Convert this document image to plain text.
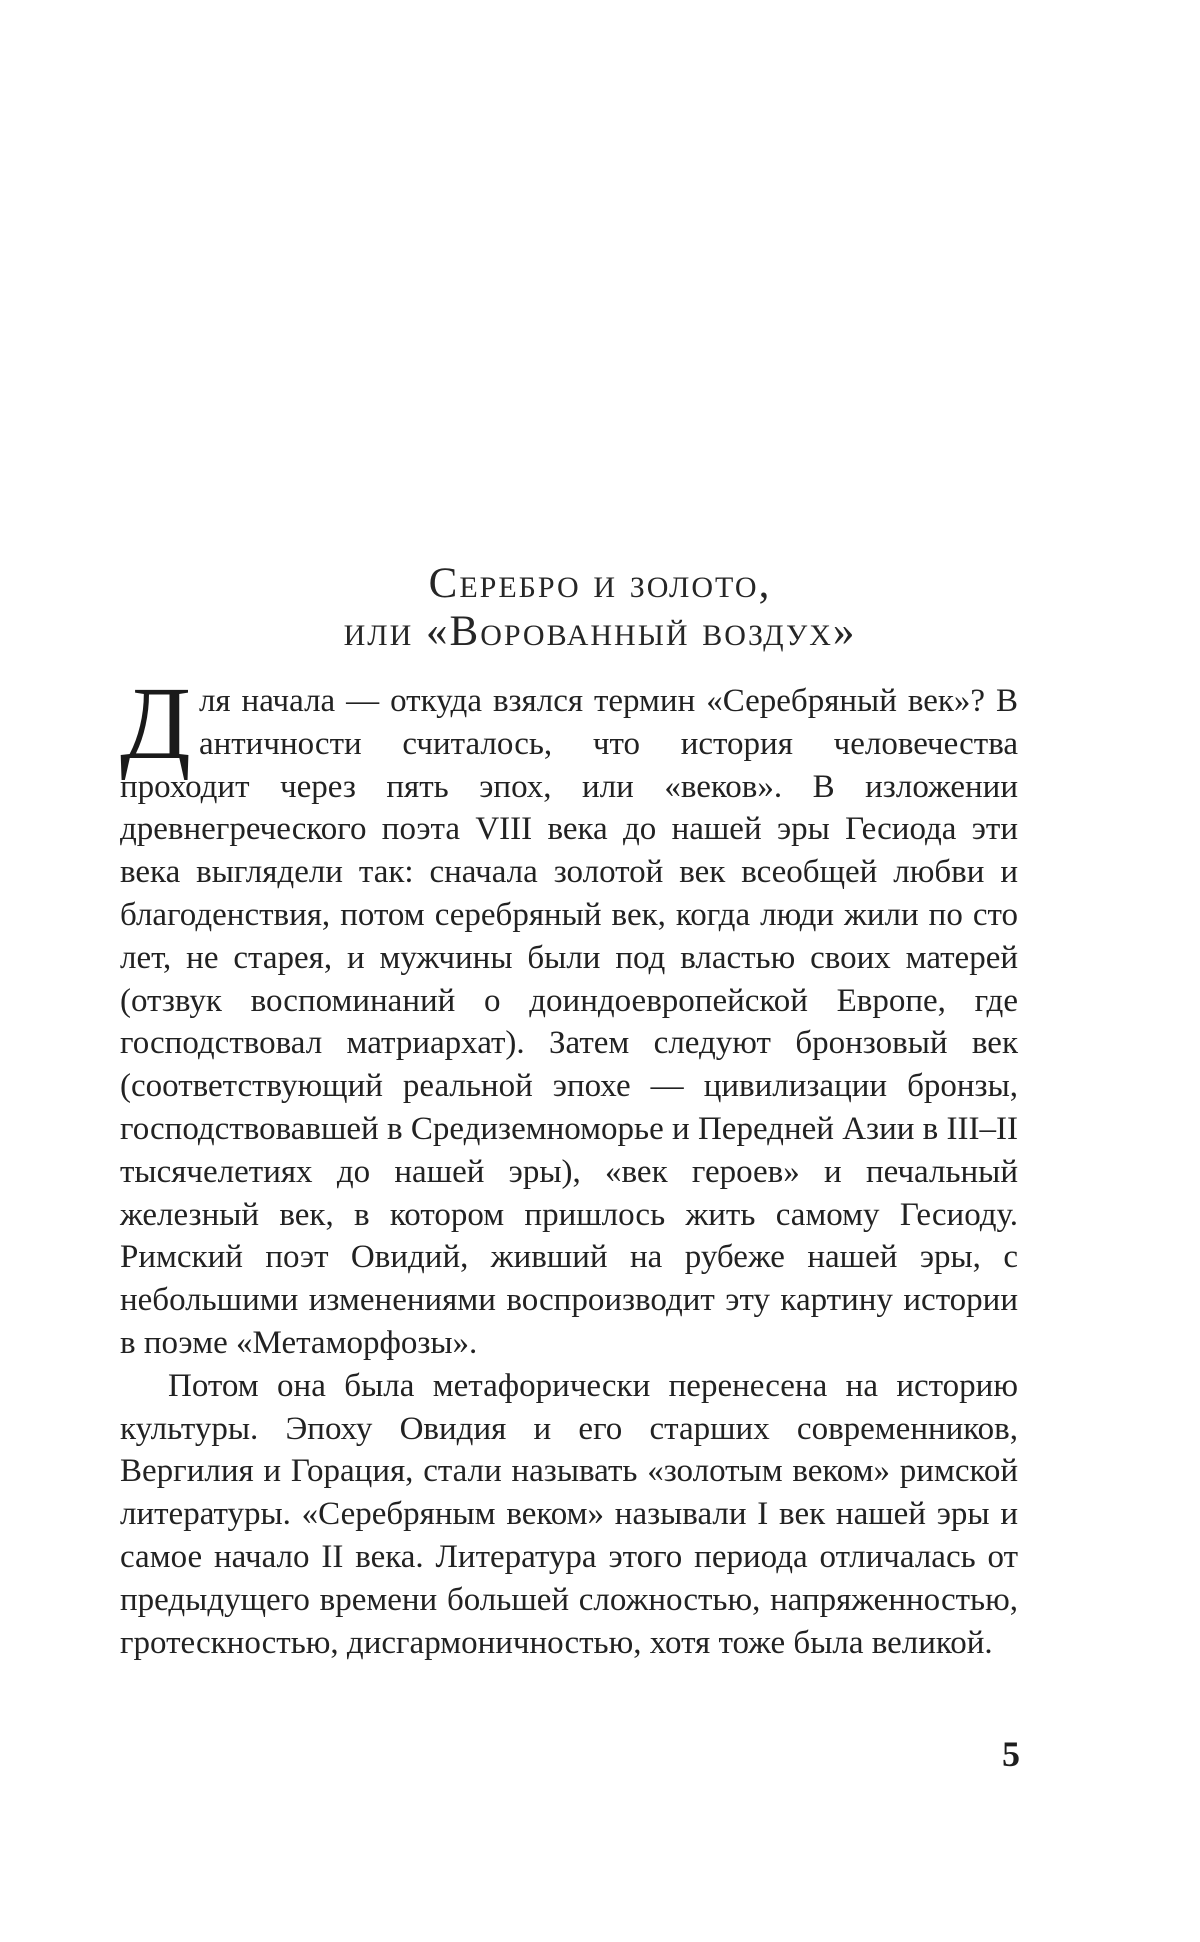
Серебро и золото,
или «Ворованный воздух»

Для начала — откуда взялся термин «Серебряный век»? В античности считалось, что история человечества проходит через пять эпох, или «веков». В изложении древнегреческого поэта VIII века до нашей эры Гесиода эти века выглядели так: сначала золотой век всеобщей любви и благоденствия, потом серебряный век, когда люди жили по сто лет, не старея, и мужчины были под властью своих матерей (отзвук воспоминаний о доиндоевропейской Европе, где господствовал матриархат). Затем следуют бронзовый век (соответствующий реальной эпохе — цивилизации бронзы, господствовавшей в Средиземноморье и Передней Азии в III–II тысячелетиях до нашей эры), «век героев» и печальный железный век, в котором пришлось жить самому Гесиоду. Римский поэт Овидий, живший на рубеже нашей эры, с небольшими изменениями воспроизводит эту картину истории в поэме «Метаморфозы».

Потом она была метафорически перенесена на историю культуры. Эпоху Овидия и его старших современников, Вергилия и Горация, стали называть «золотым веком» римской литературы. «Серебряным веком» называли I век нашей эры и самое начало II века. Литература этого периода отличалась от предыдущего времени большей сложностью, напряженностью, гротескностью, дисгармоничностью, хотя тоже была великой.

5
